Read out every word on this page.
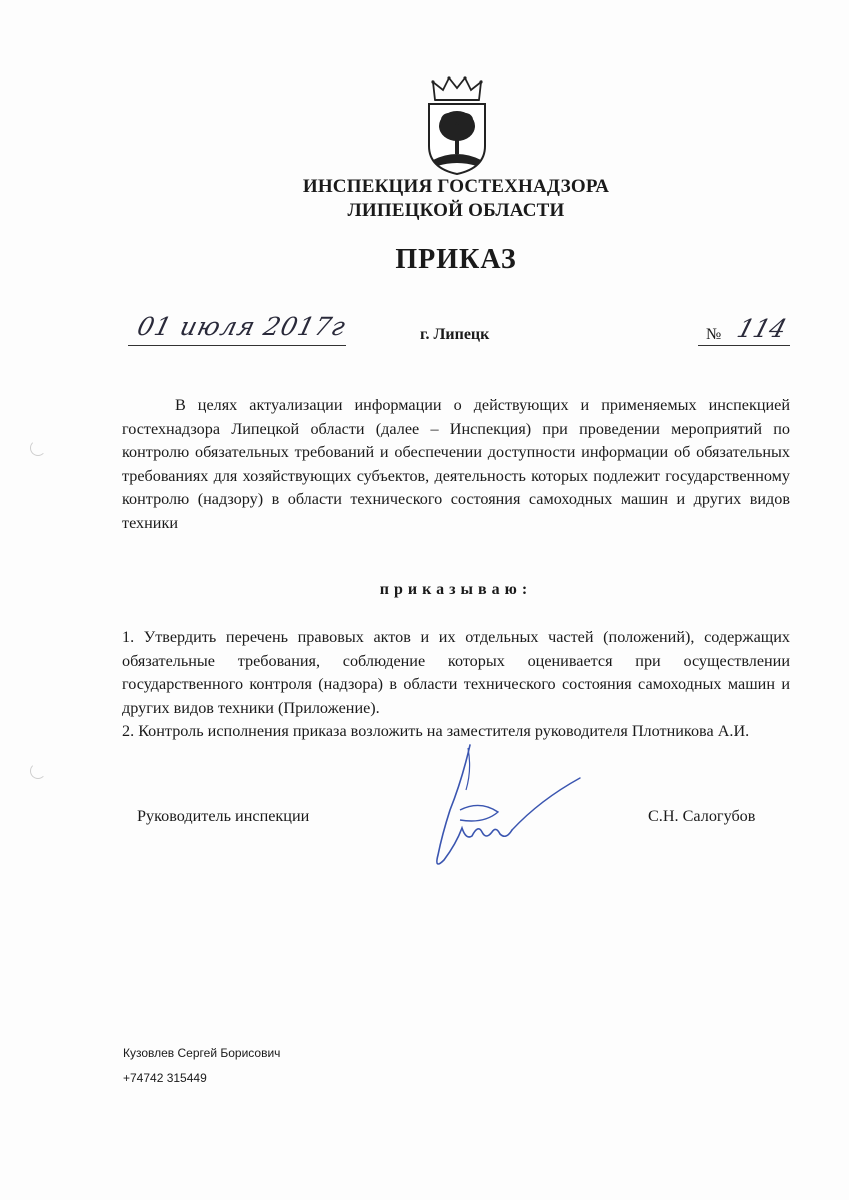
ИНСПЕКЦИЯ ГОСТЕХНАДЗОРА
ЛИПЕЦКОЙ ОБЛАСТИ
ПРИКАЗ
01 июля 2017г	г. Липецк	№ 114
В целях актуализации информации о действующих и применяемых инспекцией гостехнадзора Липецкой области (далее – Инспекция) при проведении мероприятий по контролю обязательных требований и обеспечении доступности информации об обязательных требованиях для хозяйствующих субъектов, деятельность которых подлежит государственному контролю (надзору) в области технического состояния самоходных машин и других видов техники
приказываю:

1. Утвердить перечень правовых актов и их отдельных частей (положений), содержащих обязательные требования, соблюдение которых оценивается при осуществлении государственного контроля (надзора) в области технического состояния самоходных машин и других видов техники (Приложение).

2. Контроль исполнения приказа возложить на заместителя руководителя Плотникова А.И.

Руководитель инспекции	С.Н. Салогубов
Кузовлев Сергей Борисович
+74742 315449
